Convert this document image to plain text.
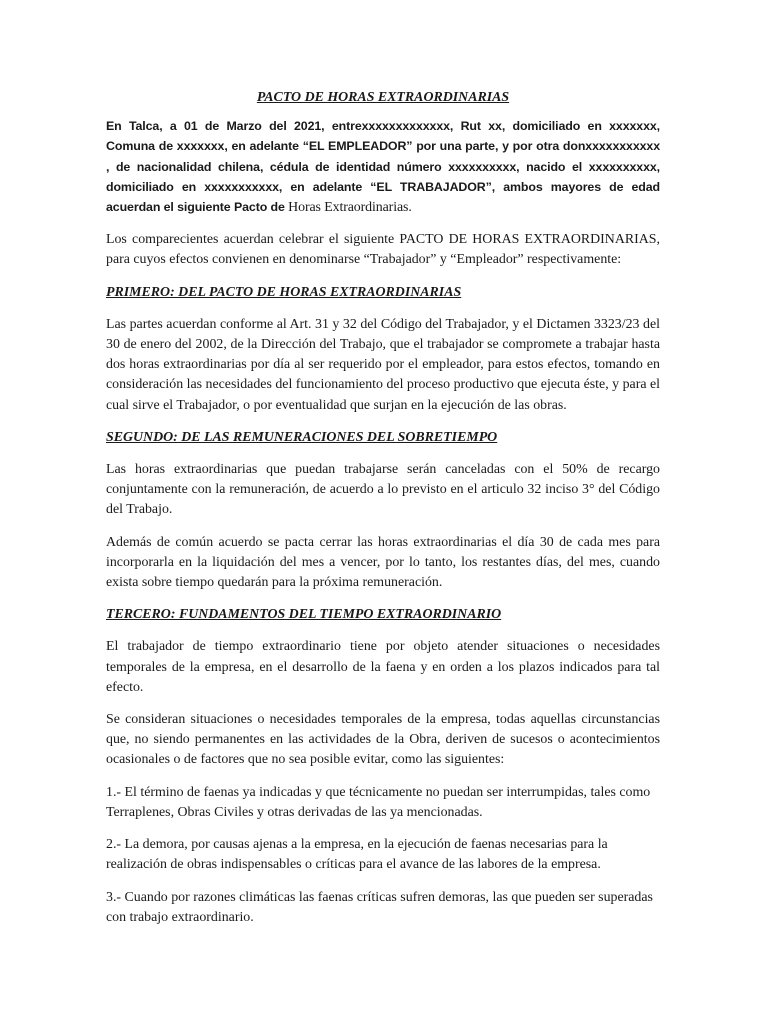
PACTO DE HORAS EXTRAORDINARIAS

En Talca, a 01 de Marzo del 2021, entrexxxxxxxxxxxxx, Rut xx, domiciliado en xxxxxxx, Comuna de xxxxxxx, en adelante “EL EMPLEADOR” por una parte, y por otra donxxxxxxxxxxx , de nacionalidad chilena, cédula de identidad número xxxxxxxxxx, nacido el xxxxxxxxxx, domiciliado en xxxxxxxxxxx, en adelante “EL TRABAJADOR”, ambos mayores de edad acuerdan el siguiente Pacto de Horas Extraordinarias.

Los comparecientes acuerdan celebrar el siguiente PACTO DE HORAS EXTRAORDINARIAS, para cuyos efectos convienen en denominarse “Trabajador” y “Empleador” respectivamente:

PRIMERO: DEL PACTO DE HORAS EXTRAORDINARIAS

Las partes acuerdan conforme al Art. 31 y 32 del Código del Trabajador, y el Dictamen 3323/23 del 30 de enero del 2002, de la Dirección del Trabajo, que el trabajador se compromete a trabajar hasta dos horas extraordinarias por día al ser requerido por el empleador, para estos efectos, tomando en consideración las necesidades del funcionamiento del proceso productivo que ejecuta éste, y para el cual sirve el Trabajador, o por eventualidad que surjan en la ejecución de las obras.

SEGUNDO: DE LAS REMUNERACIONES DEL SOBRETIEMPO

Las horas extraordinarias que puedan trabajarse serán canceladas con el 50% de recargo conjuntamente con la remuneración, de acuerdo a lo previsto en el articulo 32 inciso 3° del Código del Trabajo.

Además de común acuerdo se pacta cerrar las horas extraordinarias el día 30 de cada mes para incorporarla en la liquidación del mes a vencer, por lo tanto, los restantes días, del mes, cuando exista sobre tiempo quedarán para la próxima remuneración.

TERCERO: FUNDAMENTOS DEL TIEMPO EXTRAORDINARIO

El trabajador de tiempo extraordinario tiene por objeto atender situaciones o necesidades temporales de la empresa, en el desarrollo de la faena y en orden a los plazos indicados para tal efecto.

Se consideran situaciones o necesidades temporales de la empresa, todas aquellas circunstancias que, no siendo permanentes en las actividades de la Obra, deriven de sucesos o acontecimientos ocasionales o de factores que no sea posible evitar, como las siguientes:

1.- El término de faenas ya indicadas y que técnicamente no puedan ser interrumpidas, tales como Terraplenes, Obras Civiles y otras derivadas de las ya mencionadas.

2.- La demora, por causas ajenas a la empresa, en la ejecución de faenas necesarias para la realización de obras indispensables o críticas para el avance de las labores de la empresa.

3.- Cuando por razones climáticas las faenas críticas sufren demoras, las que pueden ser superadas con trabajo extraordinario.
